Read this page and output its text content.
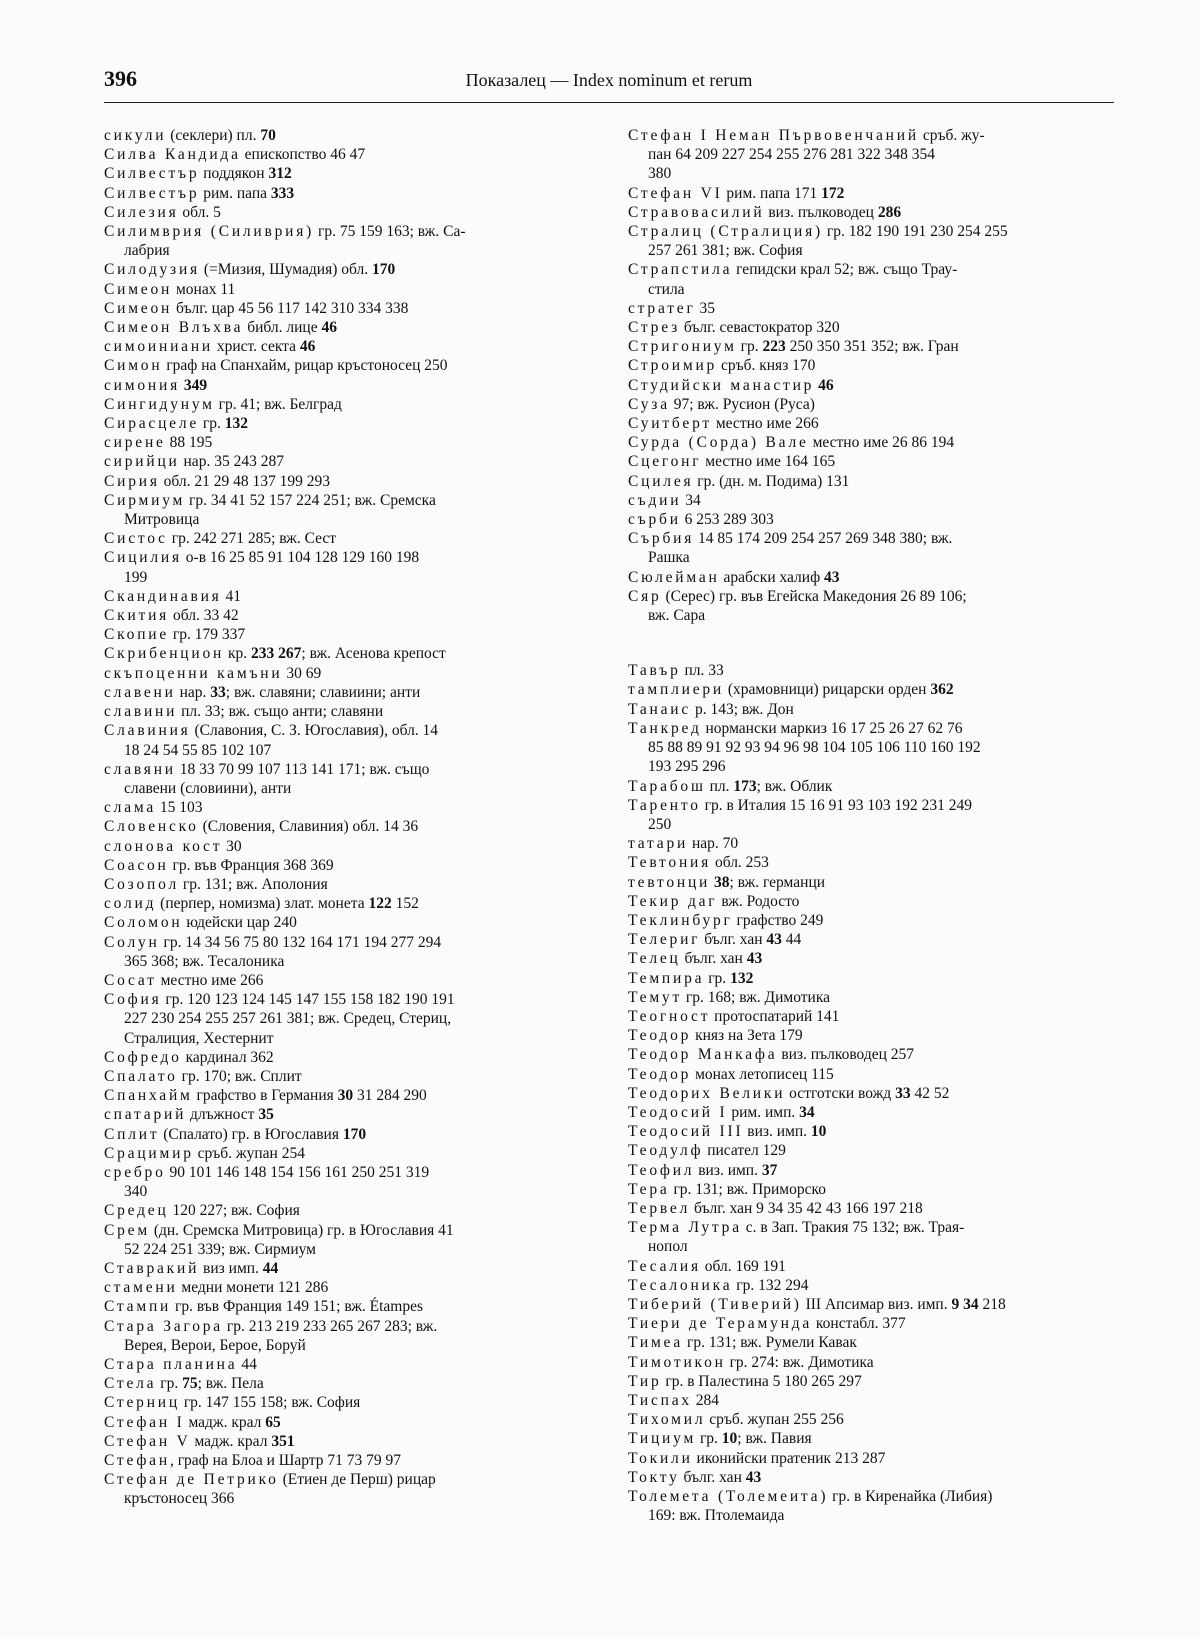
396	Показалец — Index nominum et rerum
сикули (секлери) пл. 70
Силва Кандида епископство 46 47
Силвестър поддякон 312
Силвестър рим. папа 333
Силезия обл. 5
Силимврия (Силиврия) гр. 75 159 163; вж. Са-
лабрия
Силодузия (=Мизия, Шумадия) обл. 170
Симеон монах 11
Симеон бълг. цар 45 56 117 142 310 334 338
Симеон Влъхва библ. лице 46
симоиниани христ. секта 46
Симон граф на Спанхайм, рицар кръстоносец 250
симония 349
Сингидунум гр. 41; вж. Белград
Сирасцеле гр. 132
сирене 88 195
сирийци нар. 35 243 287
Сирия обл. 21 29 48 137 199 293
Сирмиум гр. 34 41 52 157 224 251; вж. Сремска
Митровица
Систос гр. 242 271 285; вж. Сест
Сицилия о-в 16 25 85 91 104 128 129 160 198
199
Скандинавия 41
Скития обл. 33 42
Скопие гр. 179 337
Скрибенцион кр. 233 267; вж. Асенова крепост
скъпоценни камъни 30 69
славени нар. 33; вж. славяни; славиини; анти
славини пл. 33; вж. също анти; славяни
Славиния (Славония, С. З. Югославия), обл. 14
18 24 54 55 85 102 107
славяни 18 33 70 99 107 113 141 171; вж. също
славени (словиини), анти
слама 15 103
Словенско (Словения, Славиния) обл. 14 36
слонова кост 30
Соасон гр. във Франция 368 369
Созопол гр. 131; вж. Аполония
солид (перпер, номизма) злат. монета 122 152
Соломон юдейски цар 240
Солун гр. 14 34 56 75 80 132 164 171 194 277 294
365 368; вж. Тесалоника
Сосат местно име 266
София гр. 120 123 124 145 147 155 158 182 190 191
227 230 254 255 257 261 381; вж. Средец, Стериц,
Стралиция, Хестернит
Софредо кардинал 362
Спалато гр. 170; вж. Сплит
Спанхайм графство в Германия 30 31 284 290
спатарий длъжност 35
Сплит (Спалато) гр. в Югославия 170
Срацимир сръб. жупан 254
сребро 90 101 146 148 154 156 161 250 251 319
340
Средец 120 227; вж. София
Срем (дн. Сремска Митровица) гр. в Югославия 41
52 224 251 339; вж. Сирмиум
Ставракий виз имп. 44
стамени медни монети 121 286
Стампи гр. във Франция 149 151; вж. Étampes
Стара Загора гр. 213 219 233 265 267 283; вж.
Верея, Верои, Берое, Боруй
Стара планина 44
Стела гр. 75; вж. Пела
Стерниц гр. 147 155 158; вж. София
Стефан I мадж. крал 65
Стефан V мадж. крал 351
Стефан, граф на Блоа и Шартр 71 73 79 97
Стефан де Петрико (Етиен де Перш) рицар
кръстоносец 366
Стефан I Неман Първовенчаний сръб. жу-
пан 64 209 227 254 255 276 281 322 348 354
380
Стефан VI рим. папа 171 172
Стравовасилий виз. пълководец 286
Стралиц (Стралиция) гр. 182 190 191 230 254 255
257 261 381; вж. София
Страпстила гепидски крал 52; вж. също Трау-
стила
стратег 35
Стрез бълг. севастократор 320
Стригониум гр. 223 250 350 351 352; вж. Гран
Строимир сръб. княз 170
Студийски манастир 46
Суза 97; вж. Русион (Руса)
Суитберт местно име 266
Сурда (Сорда) Вале местно име 26 86 194
Сцегонг местно име 164 165
Сцилея гр. (дн. м. Подима) 131
съдии 34
сърби 6 253 289 303
Сърбия 14 85 174 209 254 257 269 348 380; вж.
Рашка
Сюлейман арабски халиф 43
Сяр (Серес) гр. във Егейска Македония 26 89 106;
вж. Сара
Тавър пл. 33
тамплиери (храмовници) рицарски орден 362
Танаис р. 143; вж. Дон
Танкред нормански маркиз 16 17 25 26 27 62 76
85 88 89 91 92 93 94 96 98 104 105 106 110 160 192
193 295 296
Тарабош пл. 173; вж. Облик
Таренто гр. в Италия 15 16 91 93 103 192 231 249
250
татари нар. 70
Тевтония обл. 253
тевтонци 38; вж. германци
Текир даг вж. Родосто
Теклинбург графство 249
Телериг бълг. хан 43 44
Телец бълг. хан 43
Темпира гр. 132
Темут гр. 168; вж. Димотика
Теогност протоспатарий 141
Теодор княз на Зета 179
Теодор Манкафа виз. пълководец 257
Теодор монах летописец 115
Теодорих Велики остготски вожд 33 42 52
Теодосий I рим. имп. 34
Теодосий III виз. имп. 10
Теодулф писател 129
Теофил виз. имп. 37
Тера гр. 131; вж. Приморско
Тервел бълг. хан 9 34 35 42 43 166 197 218
Терма Лутра с. в Зап. Тракия 75 132; вж. Трая-
нопол
Тесалия обл. 169 191
Тесалоника гр. 132 294
Тиберий (Тиверий) III Апсимар виз. имп. 9 34 218
Тиери де Терамунда констабл. 377
Тимеа гр. 131; вж. Румели Кавак
Тимотикон гр. 274: вж. Димотика
Тир гр. в Палестина 5 180 265 297
Тиспах 284
Тихомил сръб. жупан 255 256
Тициум гр. 10; вж. Павия
Токили иконийски пратеник 213 287
Токту бълг. хан 43
Толемета (Толемеита) гр. в Киренайка (Либия)
169: вж. Птолемаида
